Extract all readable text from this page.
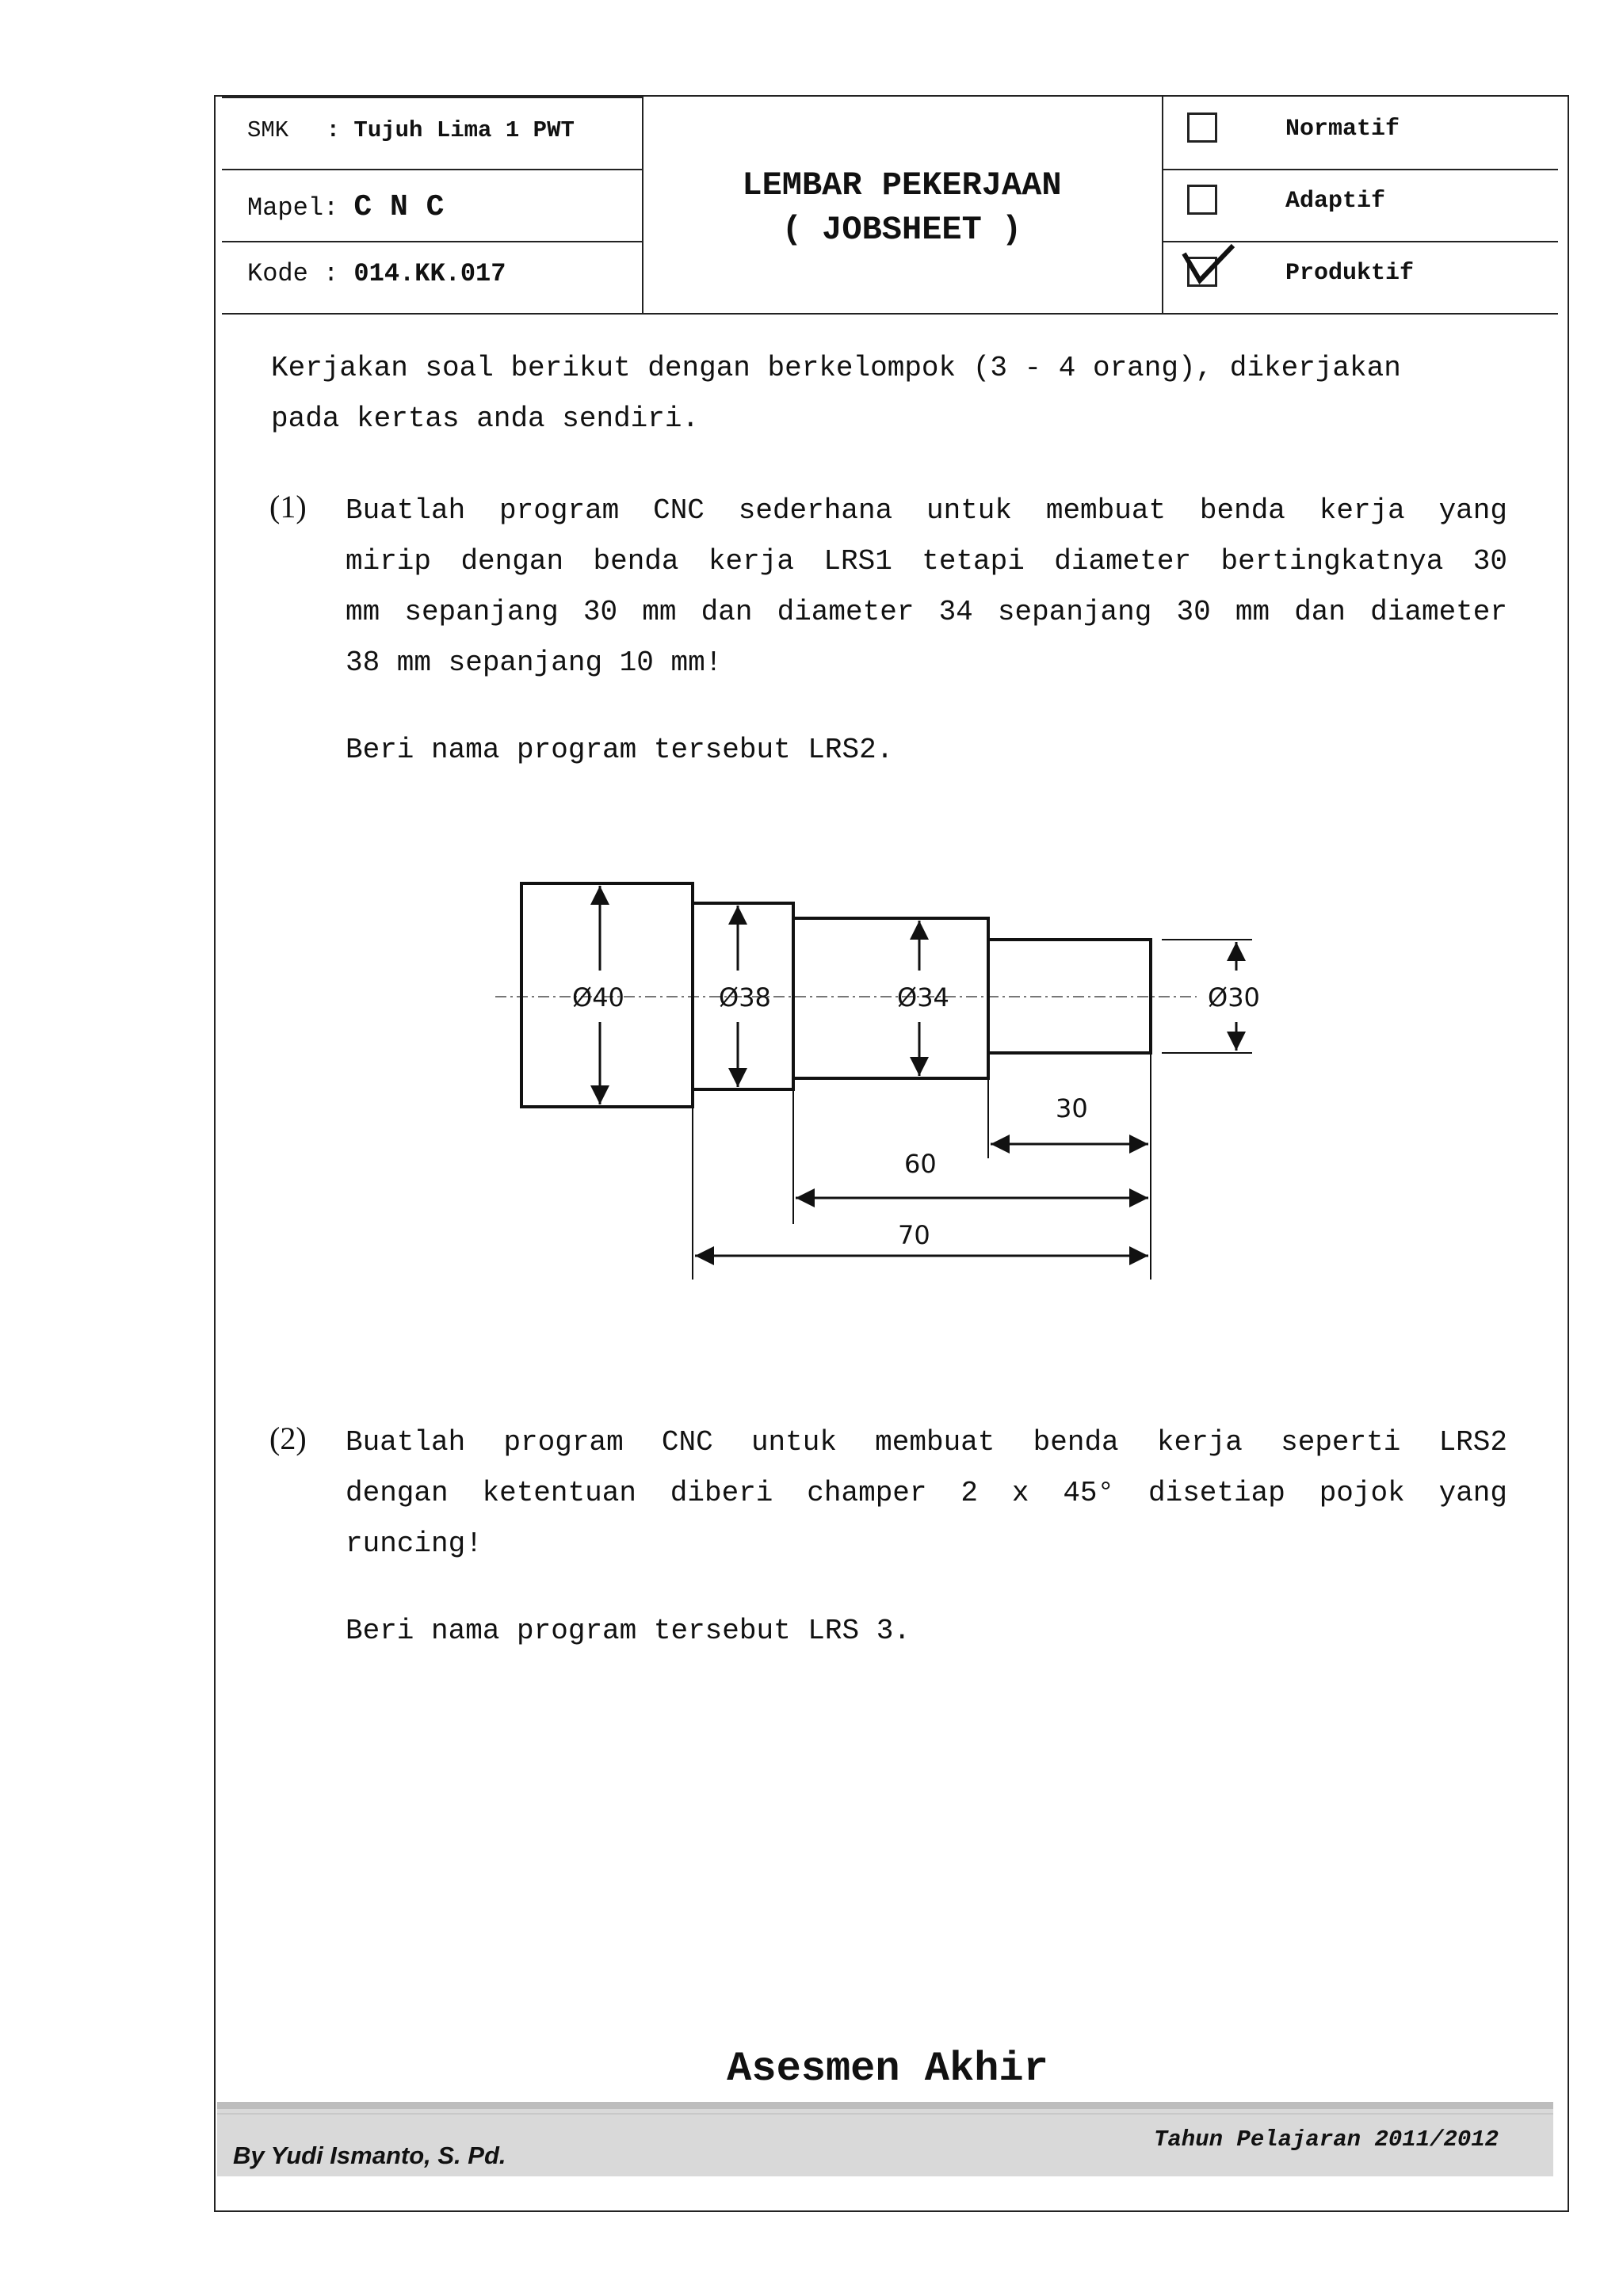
SMK : Tujuh Lima 1 PWT
Mapel: C N C
Kode : 014.KK.017
LEMBAR PEKERJAAN
( JOBSHEET )
Normatif
Adaptif
Produktif
Kerjakan soal berikut dengan berkelompok (3 - 4 orang), dikerjakan
pada kertas anda sendiri.
(1) Buatlah program CNC sederhana untuk membuat benda kerja yang
mirip dengan benda kerja LRS1 tetapi diameter bertingkatnya 30
mm sepanjang 30 mm dan diameter 34 sepanjang 30 mm dan diameter
38 mm sepanjang 10 mm!
Beri nama program tersebut LRS2.
Ø40	Ø38	Ø34	Ø30
30
60
70
(2) Buatlah program CNC untuk membuat benda kerja seperti LRS2
dengan ketentuan diberi champer 2 x 45° disetiap pojok yang
runcing!
Beri nama program tersebut LRS 3.
Asesmen Akhir
By Yudi Ismanto, S. Pd.
Tahun Pelajaran 2011/2012
